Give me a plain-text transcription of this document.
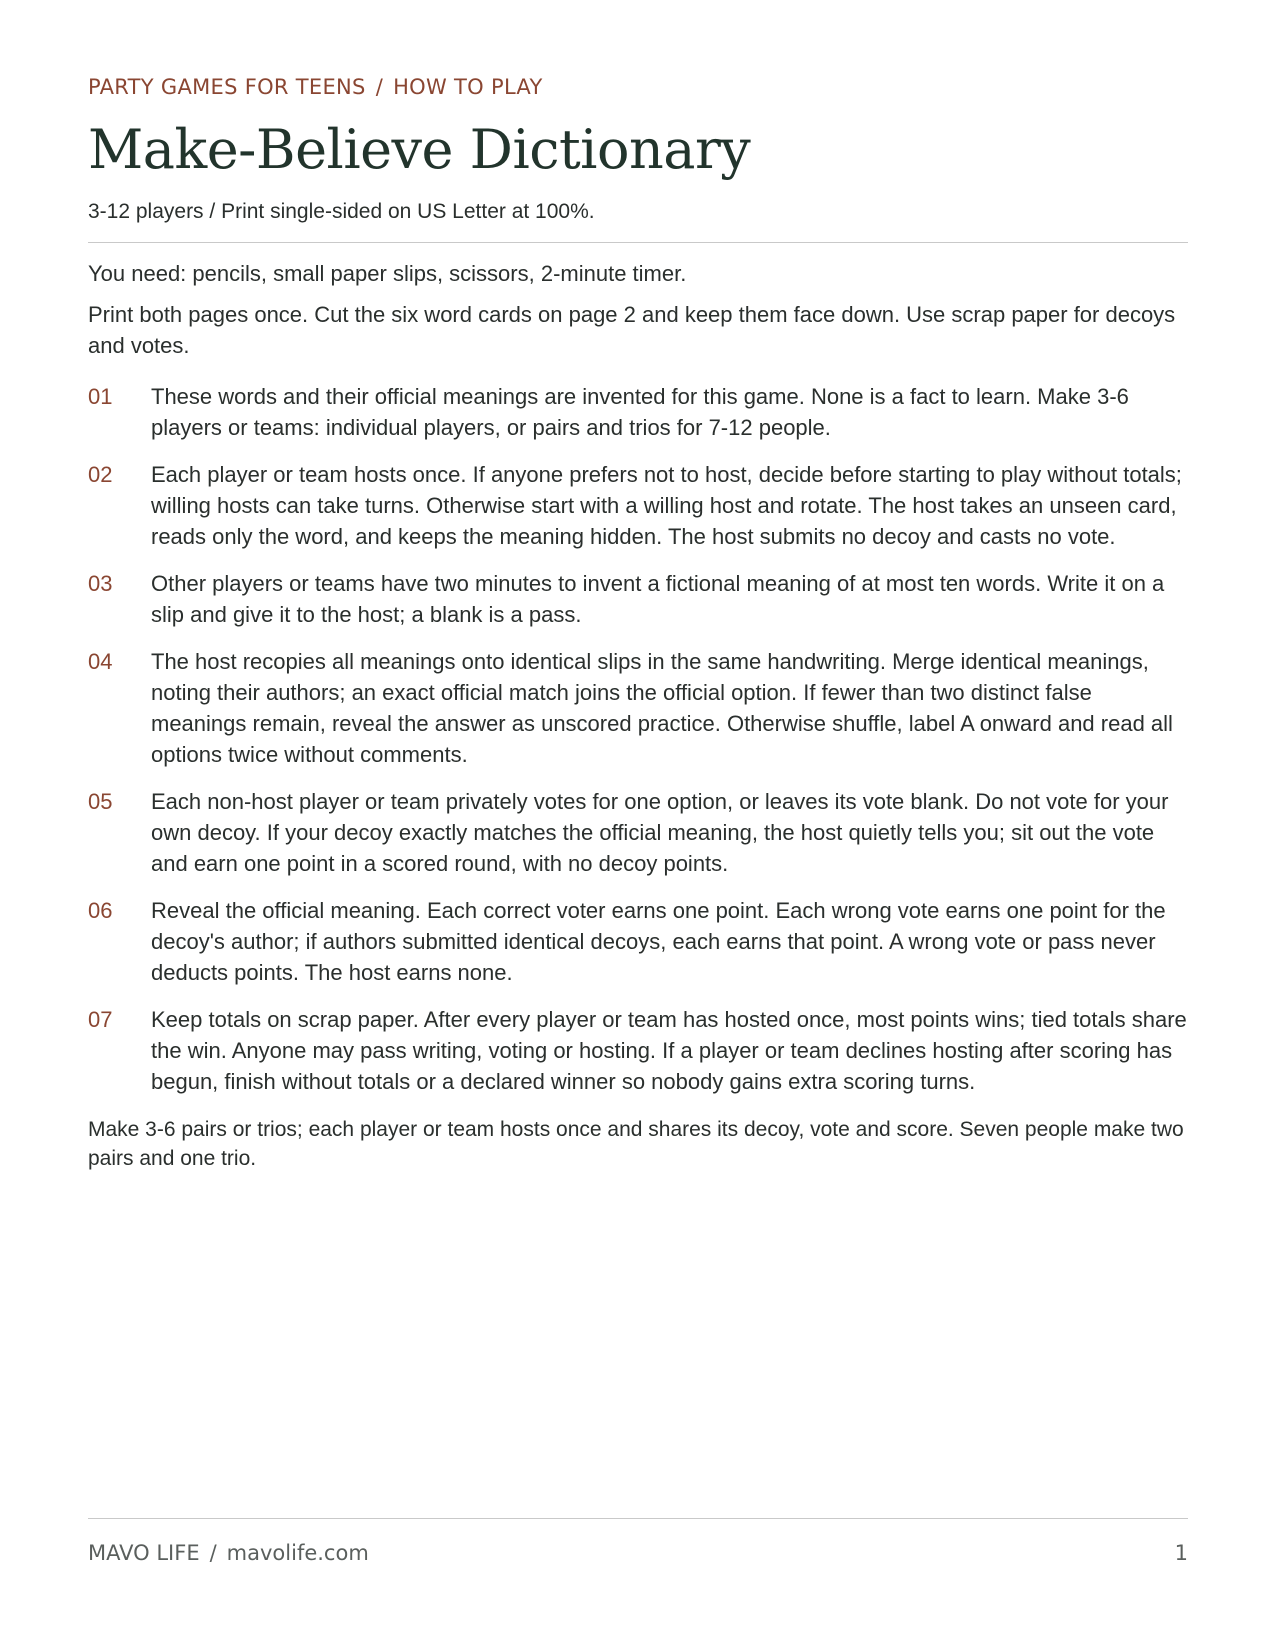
PARTY GAMES FOR TEENS / HOW TO PLAY
Make-Believe Dictionary

3-12 players / Print single-sided on US Letter at 100%.

You need: pencils, small paper slips, scissors, 2-minute timer.

Print both pages once. Cut the six word cards on page 2 and keep them face down. Use scrap paper for decoys and votes.

01	These words and their official meanings are invented for this game. None is a fact to learn. Make 3-6 players or teams: individual players, or pairs and trios for 7-12 people.
02	Each player or team hosts once. If anyone prefers not to host, decide before starting to play without totals; willing hosts can take turns. Otherwise start with a willing host and rotate. The host takes an unseen card, reads only the word, and keeps the meaning hidden. The host submits no decoy and casts no vote.
03	Other players or teams have two minutes to invent a fictional meaning of at most ten words. Write it on a slip and give it to the host; a blank is a pass.
04	The host recopies all meanings onto identical slips in the same handwriting. Merge identical meanings, noting their authors; an exact official match joins the official option. If fewer than two distinct false meanings remain, reveal the answer as unscored practice. Otherwise shuffle, label A onward and read all options twice without comments.
05	Each non-host player or team privately votes for one option, or leaves its vote blank. Do not vote for your own decoy. If your decoy exactly matches the official meaning, the host quietly tells you; sit out the vote and earn one point in a scored round, with no decoy points.
06	Reveal the official meaning. Each correct voter earns one point. Each wrong vote earns one point for the decoy's author; if authors submitted identical decoys, each earns that point. A wrong vote or pass never deducts points. The host earns none.
07	Keep totals on scrap paper. After every player or team has hosted once, most points wins; tied totals share the win. Anyone may pass writing, voting or hosting. If a player or team declines hosting after scoring has begun, finish without totals or a declared winner so nobody gains extra scoring turns.

Make 3-6 pairs or trios; each player or team hosts once and shares its decoy, vote and score. Seven people make two pairs and one trio.

MAVO LIFE / mavolife.com	1
